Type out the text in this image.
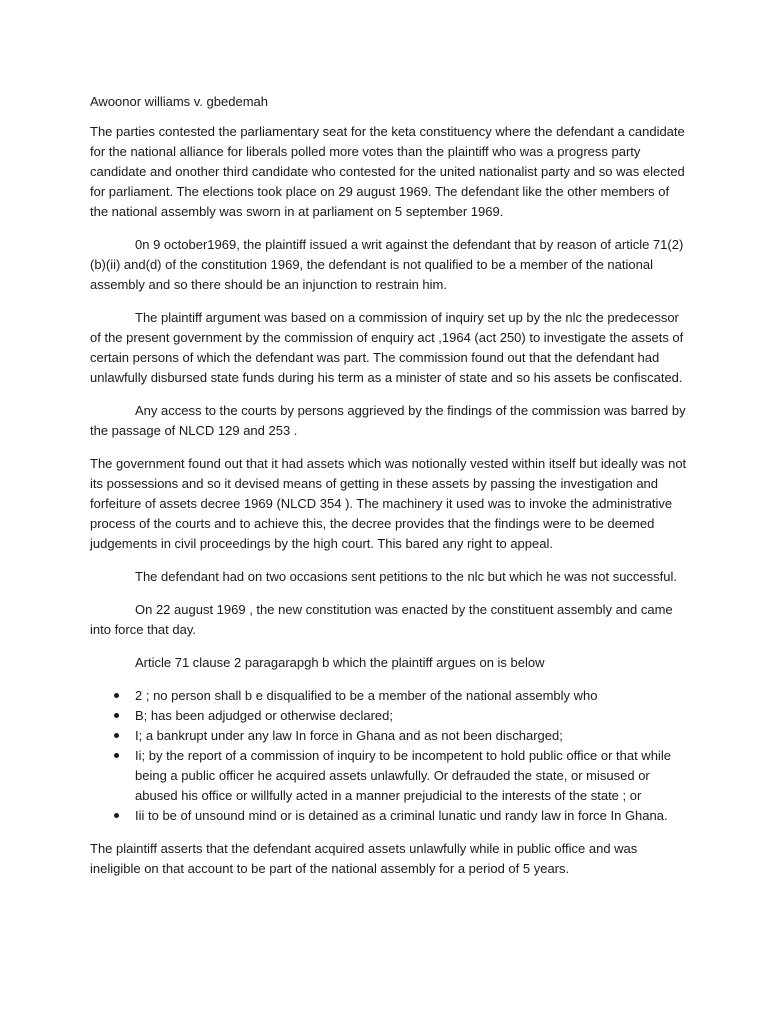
Awoonor williams v. gbedemah

The parties contested the parliamentary seat for the keta constituency where the defendant a candidate for the national alliance for liberals polled more votes than the plaintiff who was a progress party candidate and onother third candidate who contested for the united nationalist party and so was elected for parliament. The elections took place on 29 august 1969. The defendant like the other members of the national assembly was sworn in at parliament on 5 september 1969.

0n 9 october1969, the plaintiff issued a writ against the defendant that by reason of article 71(2)(b)(ii) and(d) of the constitution 1969, the defendant is not qualified to be a member of the national assembly and so there should be an injunction to restrain him.

The plaintiff argument was based on a commission of inquiry set up by the nlc the predecessor of the present government by the commission of enquiry act ,1964 (act 250) to investigate the assets of certain persons of which the defendant was part. The commission found out that the defendant had unlawfully disbursed state funds during his term as a minister of state and so his assets be confiscated.

Any access to the courts by persons aggrieved by the findings of the commission was barred by the passage of NLCD 129 and 253 .

The government found out that it had assets which was notionally vested within itself but ideally was not its possessions and so it devised means of getting in these assets by passing the investigation and forfeiture of assets decree 1969 (NLCD 354 ). The machinery it used was to invoke the administrative process of the courts and to achieve this, the decree provides that the findings were to be deemed judgements in civil proceedings by the high court. This bared any right to appeal.

The defendant had on two occasions sent petitions to the nlc but which he was not successful.

On 22 august 1969 , the new constitution was enacted by the constituent assembly and came into force that day.

Article 71 clause 2 paragarapgh b which the plaintiff argues on is below

2 ; no person shall b e disqualified to be a member of the national assembly who
B; has been adjudged or otherwise declared;
I; a bankrupt under any law In force in Ghana and as not been discharged;
Ii; by the report of a commission of inquiry to be incompetent to hold public office or that while being a public officer he acquired assets unlawfully. Or defrauded the state, or misused or abused his office or willfully acted in a manner prejudicial to the interests of the state ; or
Iii to be of unsound mind or is detained as a criminal lunatic und randy law in force In Ghana.

The plaintiff asserts that the defendant acquired assets unlawfully while in public office and was ineligible on that account to be part of the national assembly for a period of 5 years.
